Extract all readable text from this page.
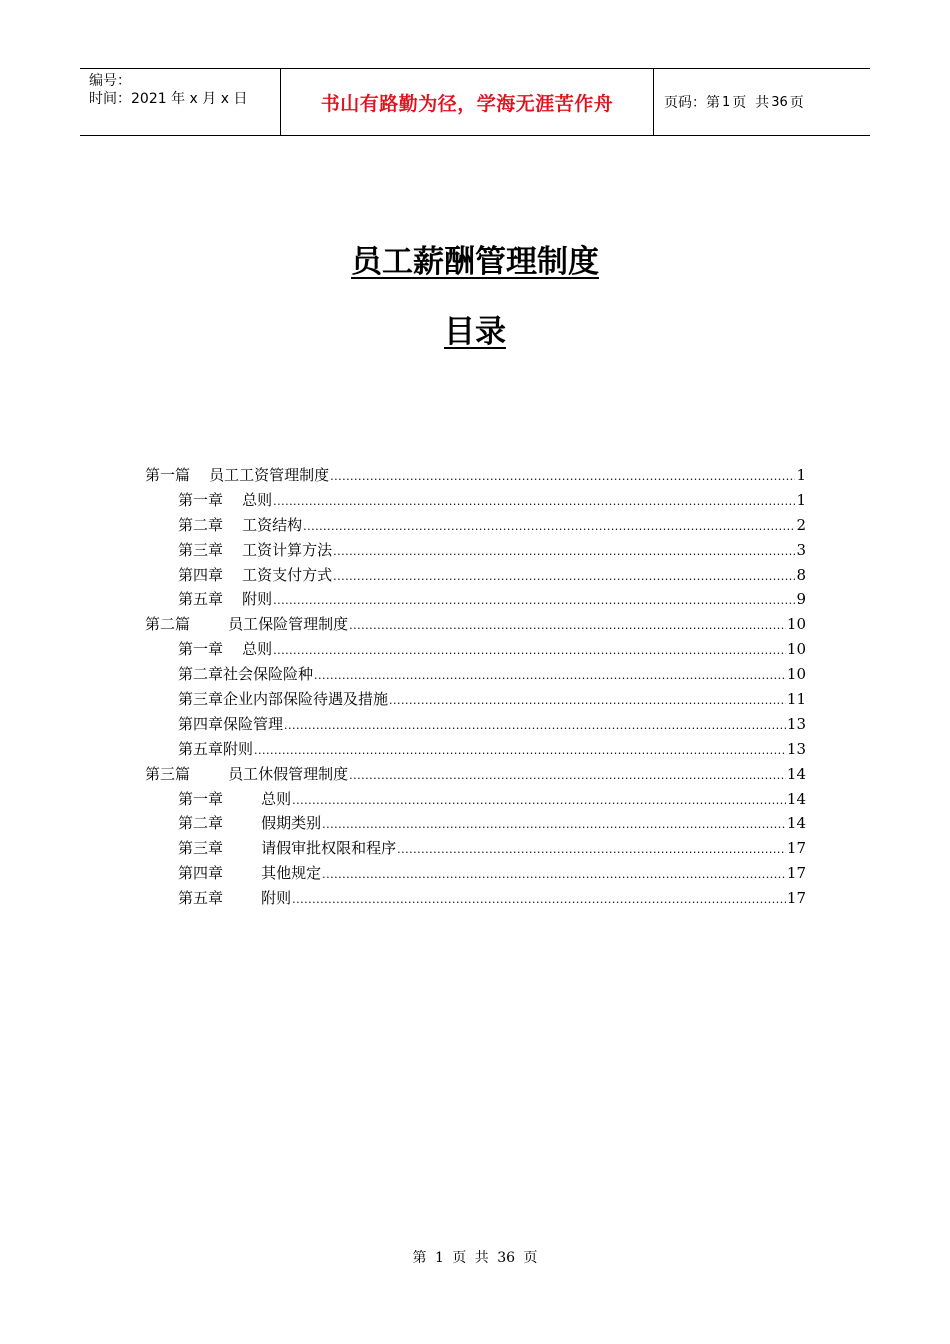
编号：
时间：2021 年 x 月 x 日	书山有路勤为径，学海无涯苦作舟	页码：第 1 页  共 36 页
员工薪酬管理制度
目录
第一篇    员工工资管理制度 .....	1
第一章    总则 .....	1
第二章    工资结构 .....	2
第三章    工资计算方法 .....	3
第四章    工资支付方式 .....	8
第五章    附则 .....	9
第二篇        员工保险管理制度 .....	10
第一章    总则 .....	10
第二章社会保险险种 .....	10
第三章企业内部保险待遇及措施 .....	11
第四章保险管理 .....	13
第五章附则 .....	13
第三篇        员工休假管理制度 .....	14
第一章        总则 .....	14
第二章        假期类别 .....	14
第三章        请假审批权限和程序 .....	17
第四章        其他规定 .....	17
第五章        附则 .....	17
第 1 页 共 36 页
